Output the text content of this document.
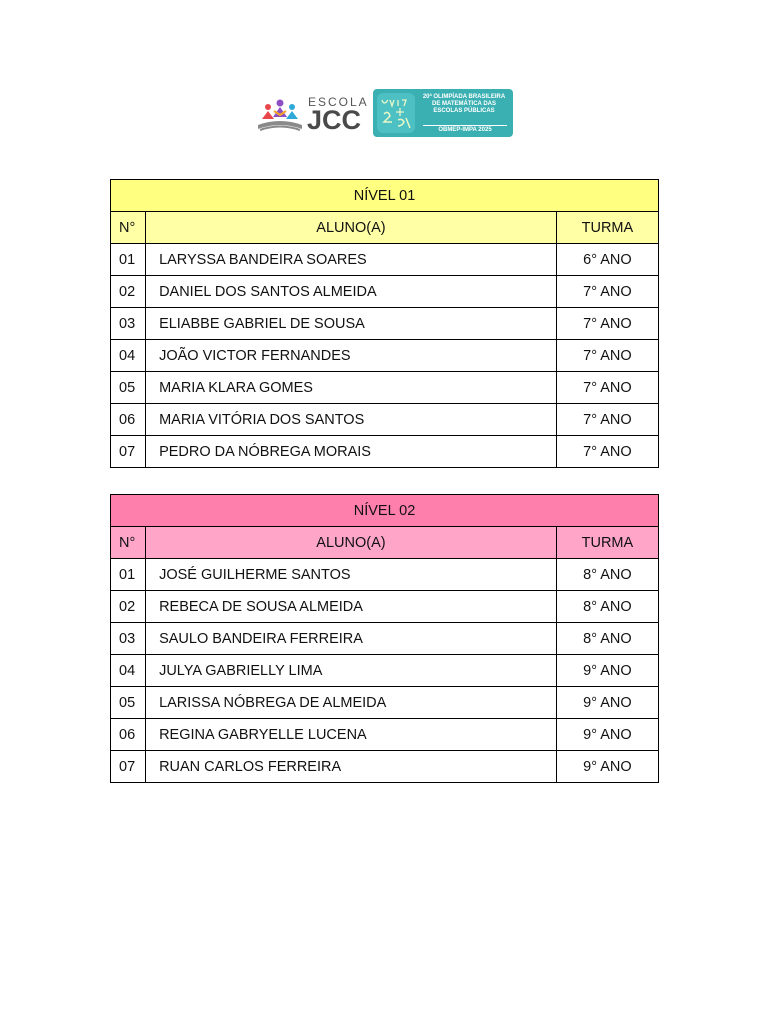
ESCOLA
JCC
20ª OLIMPÍADA BRASILEIRA
DE MATEMÁTICA DAS
ESCOLAS PÚBLICAS
OBMEP-IMPA 2025
NÍVEL 01		
N°	ALUNO(A)	TURMA
01	LARYSSA BANDEIRA SOARES	6° ANO
02	DANIEL DOS SANTOS ALMEIDA	7° ANO
03	ELIABBE GABRIEL DE SOUSA	7° ANO
04	JOÃO VICTOR FERNANDES	7° ANO
05	MARIA KLARA GOMES	7° ANO
06	MARIA VITÓRIA DOS SANTOS	7° ANO
07	PEDRO DA NÓBREGA MORAIS	7° ANO
NÍVEL 02		
N°	ALUNO(A)	TURMA
01	JOSÉ GUILHERME SANTOS	8° ANO
02	REBECA DE SOUSA ALMEIDA	8° ANO
03	SAULO BANDEIRA FERREIRA	8° ANO
04	JULYA GABRIELLY LIMA	9° ANO
05	LARISSA NÓBREGA DE ALMEIDA	9° ANO
06	REGINA GABRYELLE LUCENA	9° ANO
07	RUAN CARLOS FERREIRA	9° ANO
